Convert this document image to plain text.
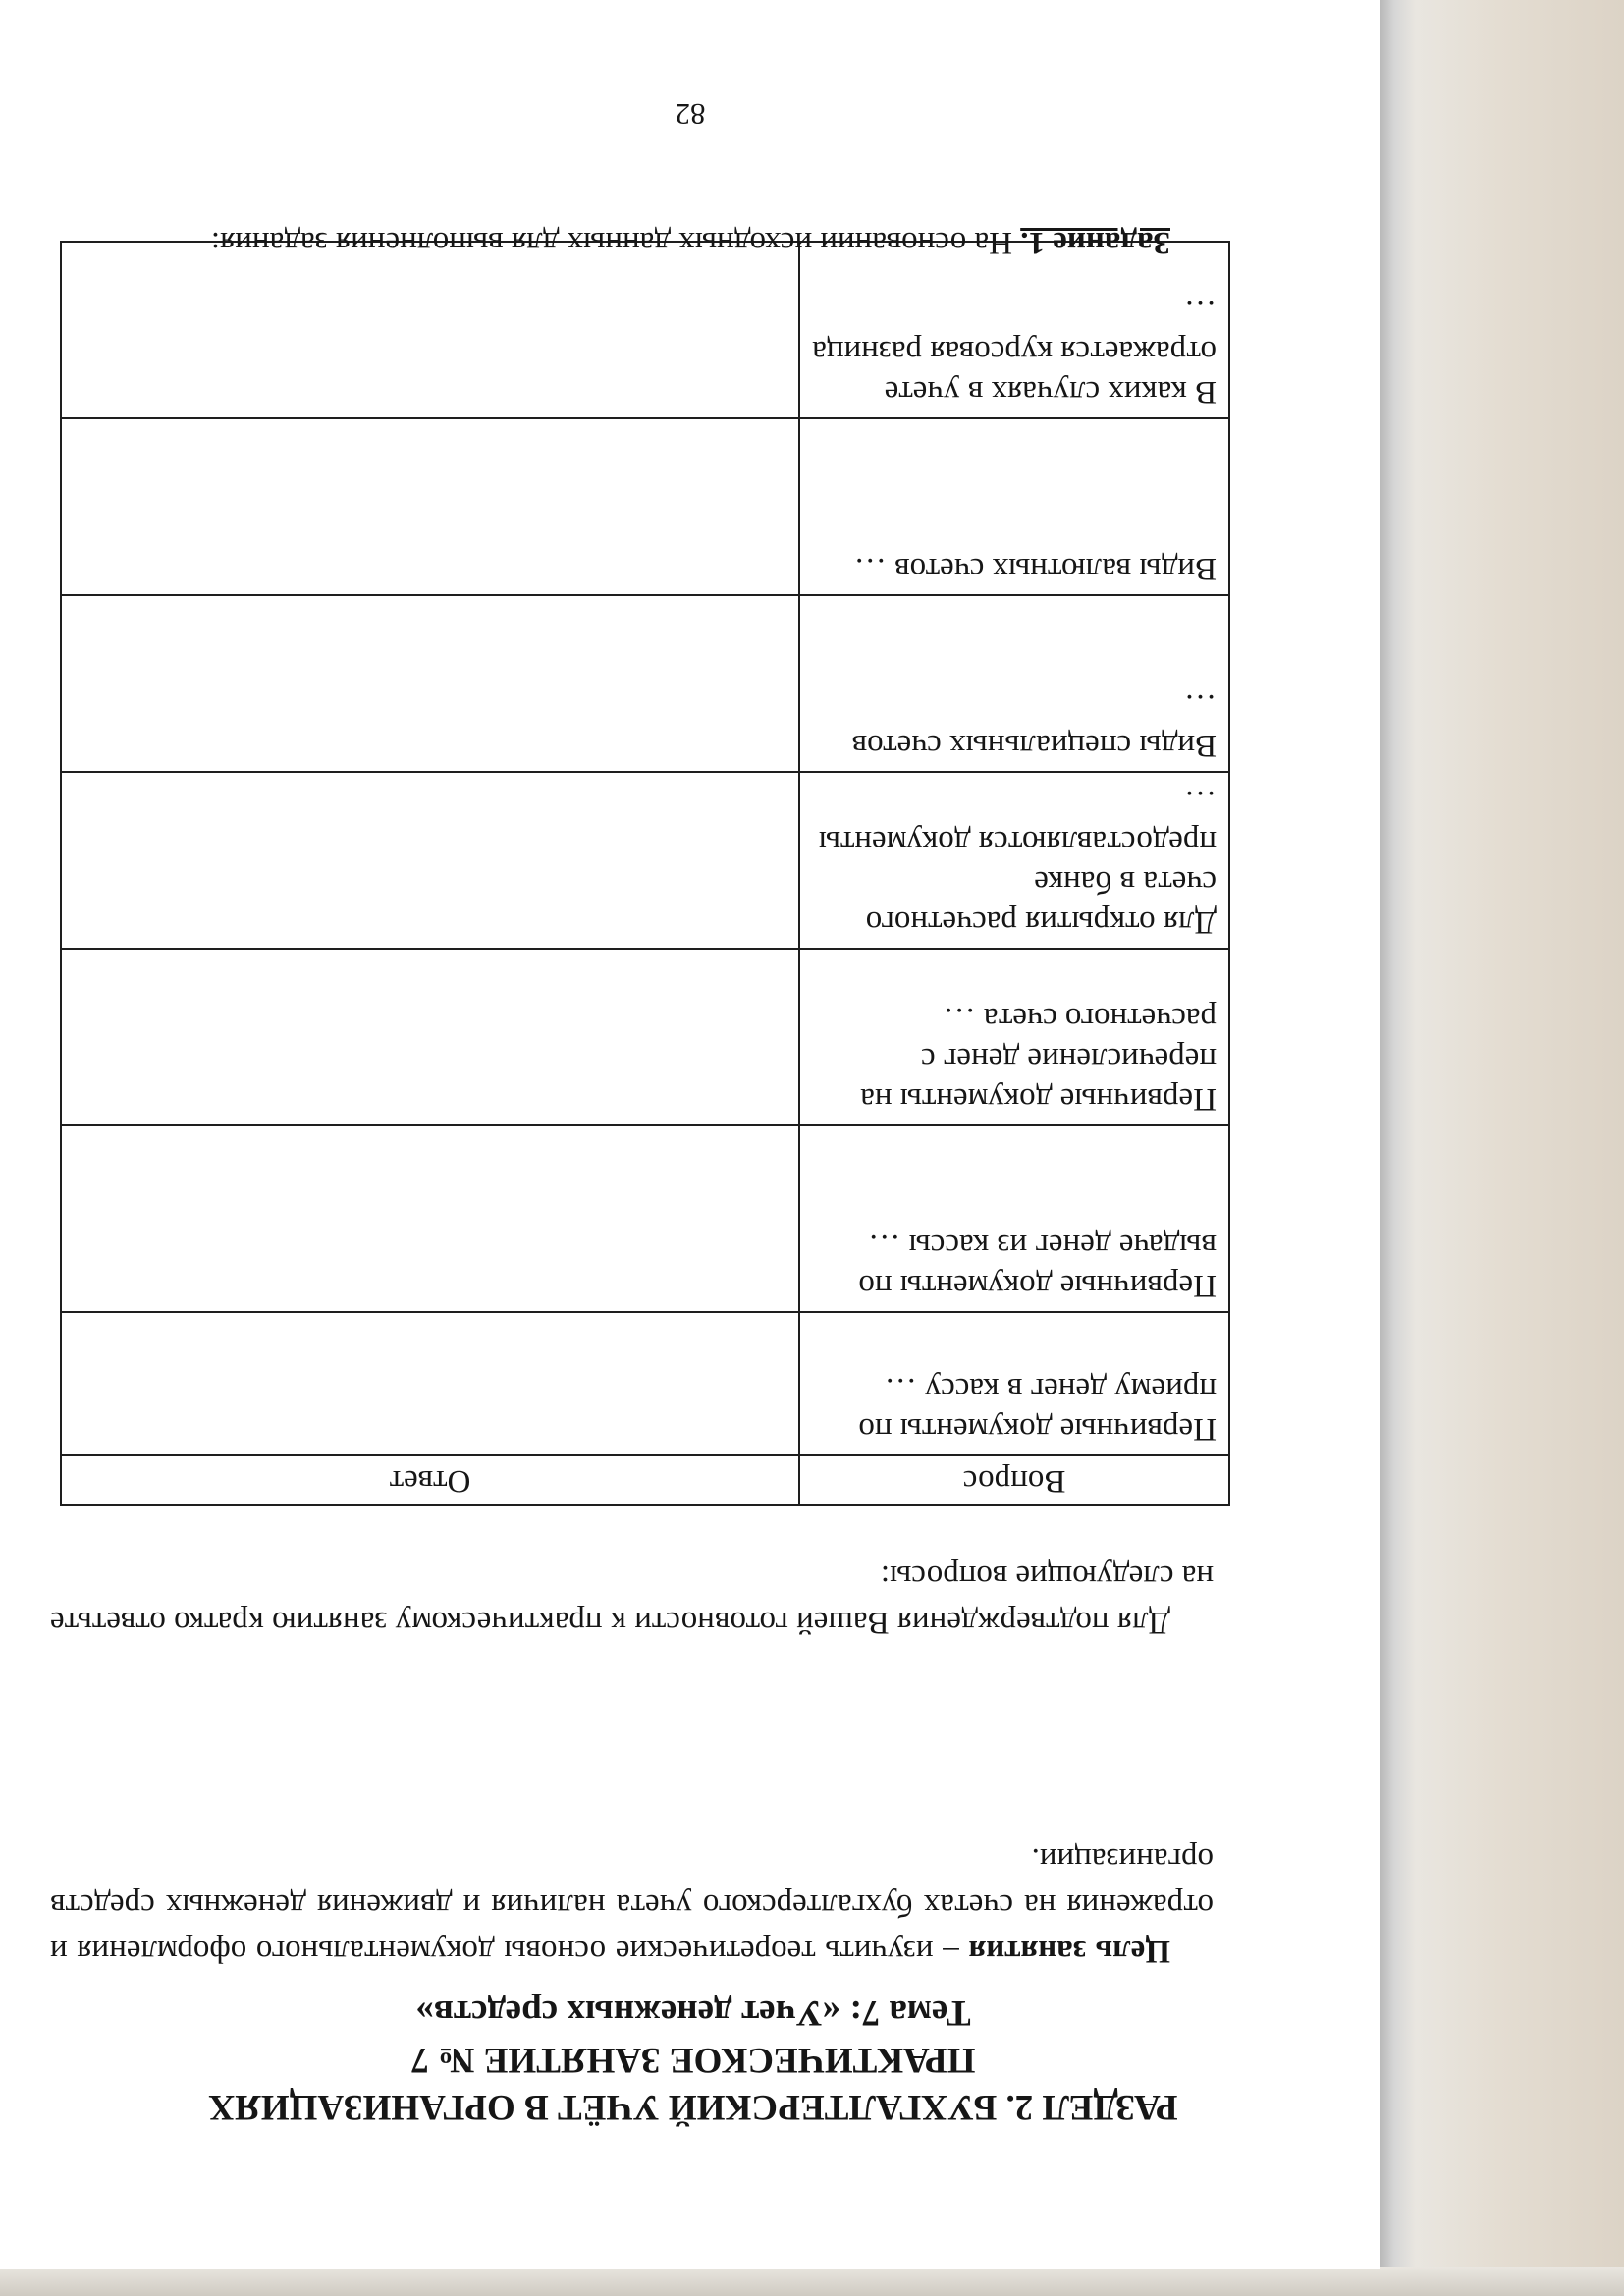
РАЗДЕЛ 2. БУХГАЛТЕРСКИЙ УЧЁТ В ОРГАНИЗАЦИЯХ
ПРАКТИЧЕСКОЕ ЗАНЯТИЕ № 7
Тема 7: «Учет денежных средств»
Цель занятия – изучить теоретические основы документального оформления и отражения на счетах бухгалтерского учета наличия и движения денежных средств организации.
Для подтверждения Вашей готовности к практическому занятию кратко ответьте на следующие вопросы:
Вопрос	Ответ
Первичные документы по приему денег в кассу …	
Первичные документы по выдаче денег из кассы …	
Первичные документы на перечисление денег с расчетного счета …	
Для открытия расчетного счета в банке предоставляются документы …	
Виды специальных счетов …	
Виды валютных счетов …	
В каких случаях в учете отражается курсовая разница …	
Задание 1. На основании исходных данных для выполнения задания:
82
